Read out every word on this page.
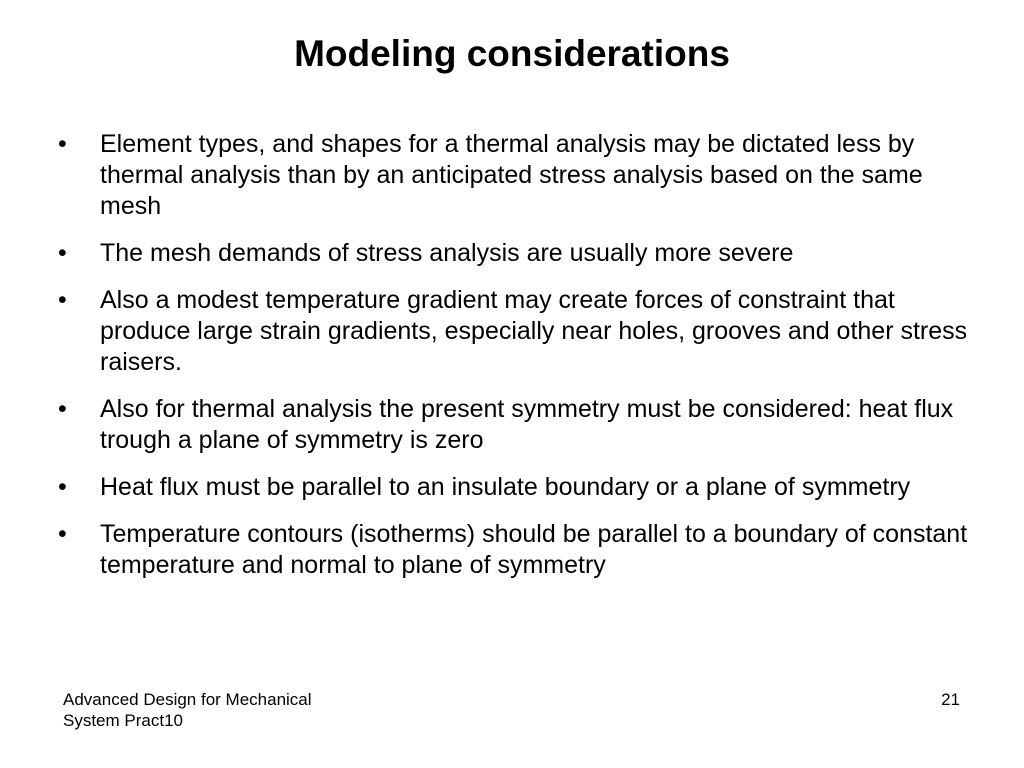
Modeling considerations
•	Element types, and shapes for a thermal analysis may be dictated less by thermal analysis than by an anticipated stress analysis based on the same mesh
•	The mesh demands of stress analysis are usually more severe
•	Also a modest temperature gradient may create forces of constraint that produce large strain gradients, especially near holes, grooves and other stress raisers.
•	Also for thermal analysis the present symmetry must be considered: heat flux trough a plane of symmetry is zero
•	Heat flux must be parallel to an insulate boundary or a plane of symmetry
•	Temperature contours (isotherms) should be parallel to a boundary of constant temperature and normal to plane of symmetry
Advanced Design for Mechanical
System Pract10
21
